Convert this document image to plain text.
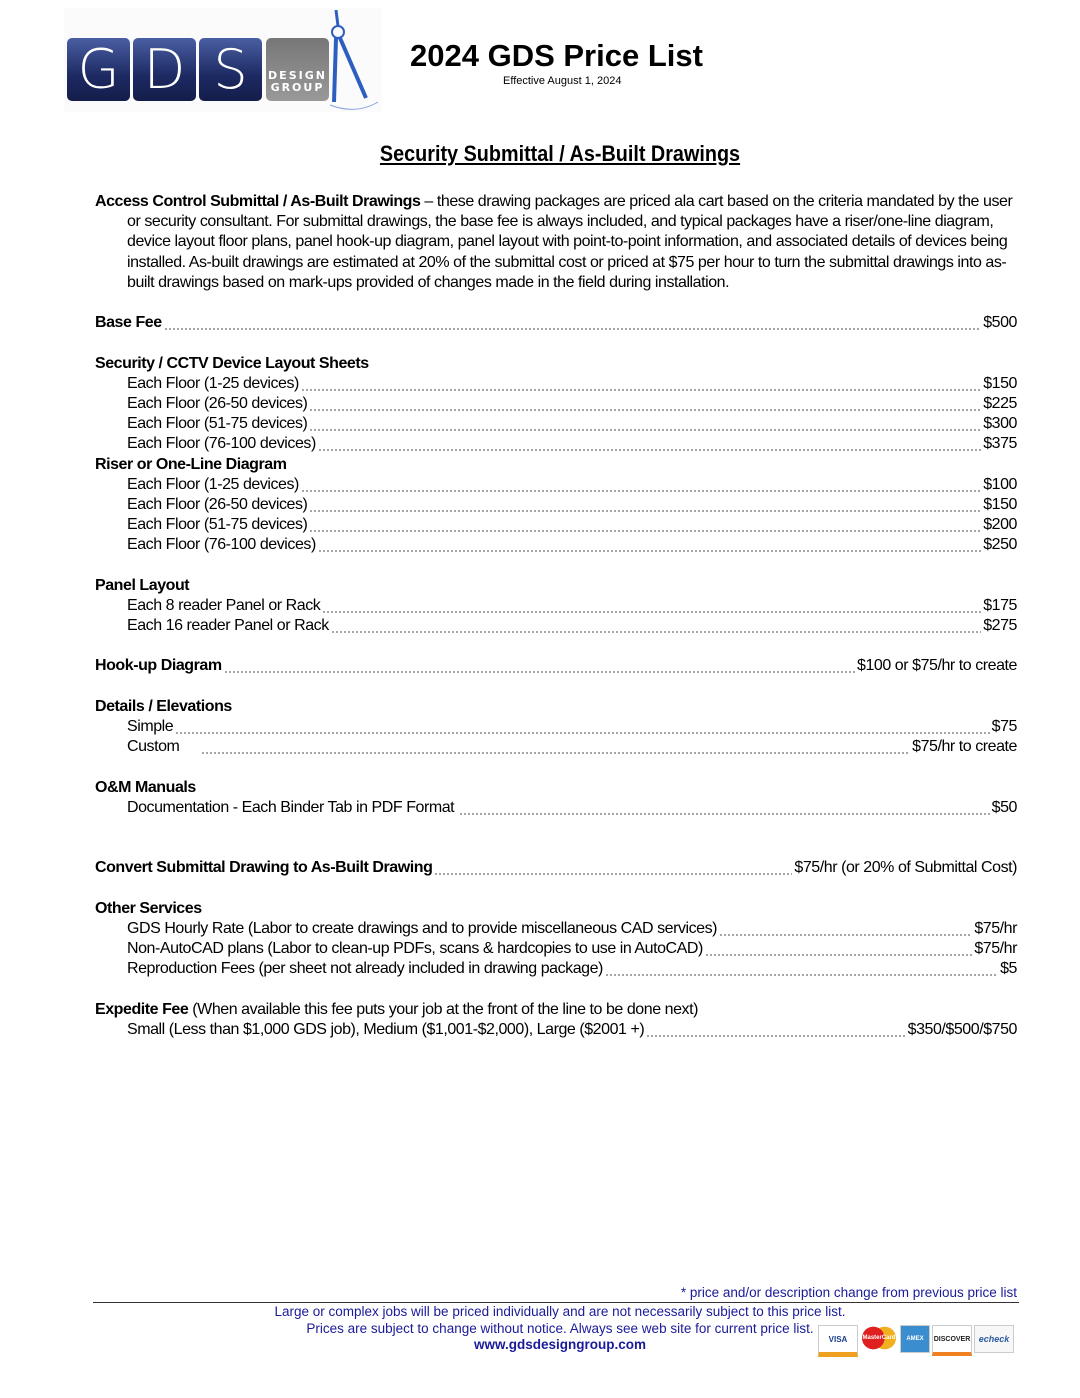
G D S	DESIGN GROUP
2024 GDS Price List
Effective August 1, 2024
Security Submittal / As-Built Drawings
Access Control Submittal / As-Built Drawings – these drawing packages are priced ala cart based on the criteria mandated by the user or security consultant. For submittal drawings, the base fee is always included, and typical packages have a riser/one-line diagram, device layout floor plans, panel hook-up diagram, panel layout with point-to-point information, and associated details of devices being installed. As-built drawings are estimated at 20% of the submittal cost or priced at $75 per hour to turn the submittal drawings into as-built drawings based on mark-ups provided of changes made in the field during installation.
Base Fee	$500
Security / CCTV Device Layout Sheets
Each Floor (1-25 devices)	$150
Each Floor (26-50 devices)	$225
Each Floor (51-75 devices)	$300
Each Floor (76-100 devices)	$375
Riser or One-Line Diagram
Each Floor (1-25 devices)	$100
Each Floor (26-50 devices)	$150
Each Floor (51-75 devices)	$200
Each Floor (76-100 devices)	$250
Panel Layout
Each 8 reader Panel or Rack	$175
Each 16 reader Panel or Rack	$275
Hook-up Diagram	$100 or $75/hr to create
Details / Elevations
Simple	$75
Custom	$75/hr to create
O&M Manuals
Documentation - Each Binder Tab in PDF Format	$50
Convert Submittal Drawing to As-Built Drawing	$75/hr (or 20% of Submittal Cost)
Other Services
GDS Hourly Rate (Labor to create drawings and to provide miscellaneous CAD services)	$75/hr
Non-AutoCAD plans (Labor to clean-up PDFs, scans & hardcopies to use in AutoCAD)	$75/hr
Reproduction Fees (per sheet not already included in drawing package)	$5
Expedite Fee (When available this fee puts your job at the front of the line to be done next)
Small (Less than $1,000 GDS job), Medium ($1,001-$2,000), Large ($2001 +)	$350/$500/$750
* price and/or description change from previous price list
Large or complex jobs will be priced individually and are not necessarily subject to this price list.
Prices are subject to change without notice. Always see web site for current price list.
www.gdsdesigngroup.com	VISA	MasterCard	AMEX	DISCOVER echeck
